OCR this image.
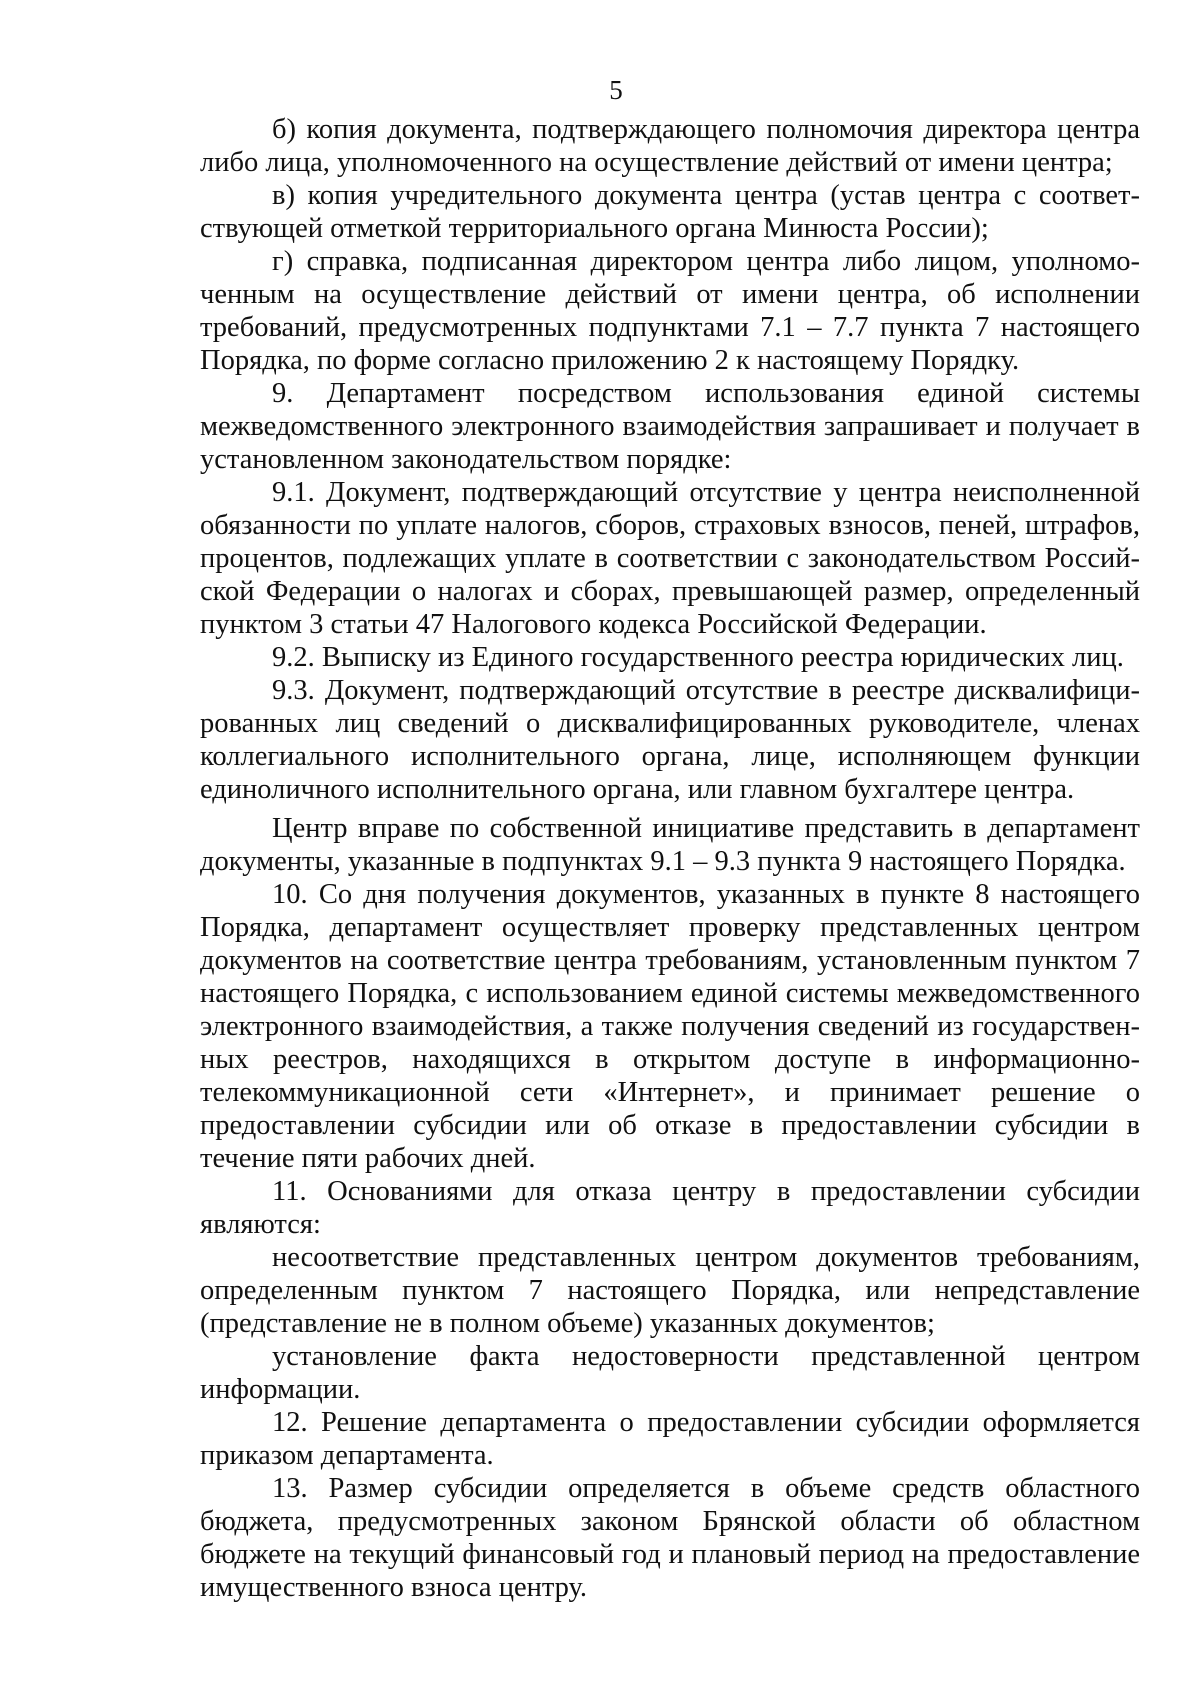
5

б) копия документа, подтверждающего полномочия директора центра либо лица, уполномоченного на осуществление действий от имени центра;

в) копия учредительного документа центра (устав центра с соответствующей отметкой территориального органа Минюста России);

г) справка, подписанная директором центра либо лицом, уполномоченным на осуществление действий от имени центра, об исполнении требований, предусмотренных подпунктами 7.1 – 7.7 пункта 7 настоящего Порядка, по форме согласно приложению 2 к настоящему Порядку.

9. Департамент посредством использования единой системы межведомственного электронного взаимодействия запрашивает и получает в установленном законодательством порядке:

9.1. Документ, подтверждающий отсутствие у центра неисполненной обязанности по уплате налогов, сборов, страховых взносов, пеней, штрафов, процентов, подлежащих уплате в соответствии с законодательством Российской Федерации о налогах и сборах, превышающей размер, определенный пунктом 3 статьи 47 Налогового кодекса Российской Федерации.

9.2. Выписку из Единого государственного реестра юридических лиц.

9.3. Документ, подтверждающий отсутствие в реестре дисквалифицированных лиц сведений о дисквалифицированных руководителе, членах коллегиального исполнительного органа, лице, исполняющем функции единоличного исполнительного органа, или главном бухгалтере центра.

Центр вправе по собственной инициативе представить в департамент документы, указанные в подпунктах 9.1 – 9.3 пункта 9 настоящего Порядка.

10. Со дня получения документов, указанных в пункте 8 настоящего Порядка, департамент осуществляет проверку представленных центром документов на соответствие центра требованиям, установленным пунктом 7 настоящего Порядка, с использованием единой системы межведомственного электронного взаимодействия, а также получения сведений из государственных реестров, находящихся в открытом доступе в информационно-телекоммуникационной сети «Интернет», и принимает решение о предоставлении субсидии или об отказе в предоставлении субсидии в течение пяти рабочих дней.

11. Основаниями для отказа центру в предоставлении субсидии являются:

несоответствие представленных центром документов требованиям, определенным пунктом 7 настоящего Порядка, или непредставление (представление не в полном объеме) указанных документов;

установление факта недостоверности представленной центром информации.

12. Решение департамента о предоставлении субсидии оформляется приказом департамента.

13. Размер субсидии определяется в объеме средств областного бюджета, предусмотренных законом Брянской области об областном бюджете на текущий финансовый год и плановый период на предоставление имущественного взноса центру.
